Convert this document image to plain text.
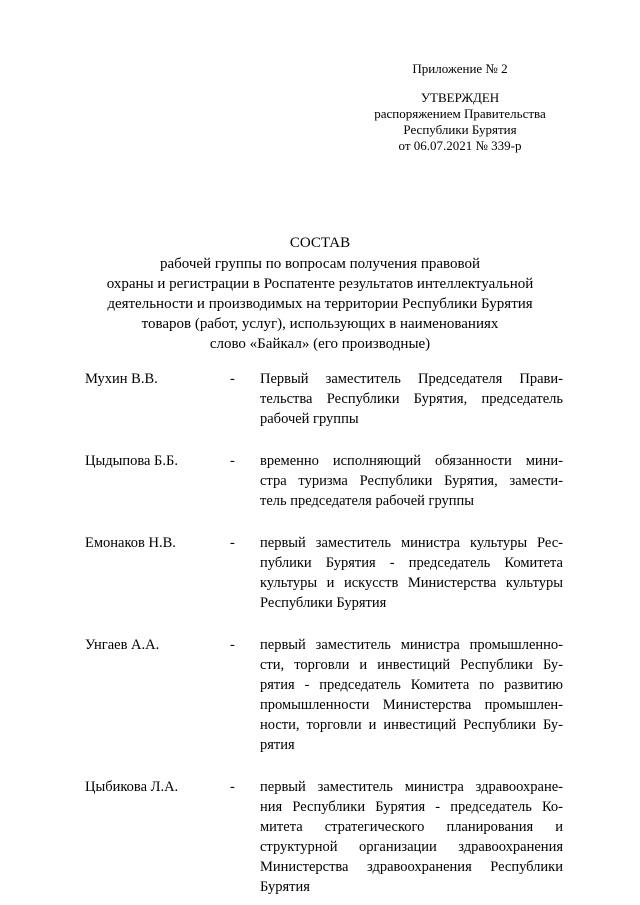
Приложение № 2
УТВЕРЖДЕН
распоряжением Правительства
Республики Бурятия
от 06.07.2021 № 339-р
СОСТАВ
рабочей группы по вопросам получения правовой
охраны и регистрации в Роспатенте результатов интеллектуальной
деятельности и производимых на территории Республики Бурятия
товаров (работ, услуг), использующих в наименованиях
слово «Байкал» (его производные)
Мухин В.В.	-	Первый заместитель Председателя Прави-
тельства Республики Бурятия, председатель
рабочей группы
Цыдыпова Б.Б.	-	временно исполняющий обязанности мини-
стра туризма Республики Бурятия, замести-
тель председателя рабочей группы
Емонаков Н.В.	-	первый заместитель министра культуры Рес-
публики Бурятия - председатель Комитета
культуры и искусств Министерства культуры
Республики Бурятия
Унгаев А.А.	-	первый заместитель министра промышленно-
сти, торговли и инвестиций Республики Бу-
рятия - председатель Комитета по развитию
промышленности Министерства промышлен-
ности, торговли и инвестиций Республики Бу-
рятия
Цыбикова Л.А.	-	первый заместитель министра здравоохране-
ния Республики Бурятия - председатель Ко-
митета стратегического планирования и
структурной организации здравоохранения
Министерства здравоохранения Республики
Бурятия
